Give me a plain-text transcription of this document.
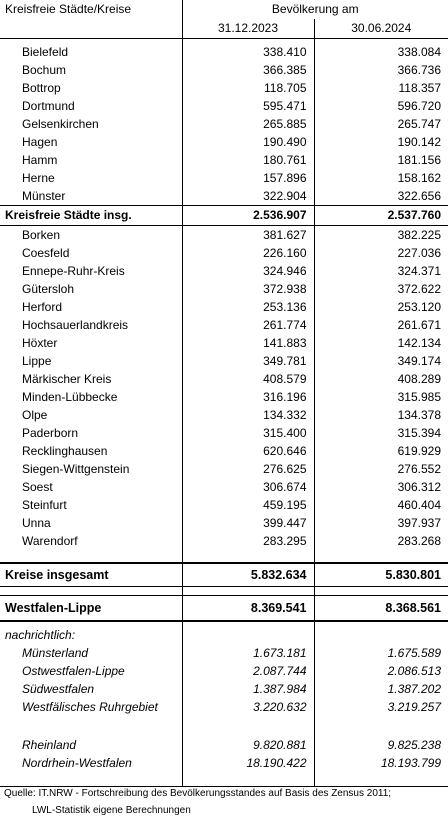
Kreisfreie Städte/Kreise	Bevölkerung am	
	31.12.2023	30.06.2024

Bielefeld	338.410	338.084
Bochum	366.385	366.736
Bottrop	118.705	118.357
Dortmund	595.471	596.720
Gelsenkirchen	265.885	265.747
Hagen	190.490	190.142
Hamm	180.761	181.156
Herne	157.896	158.162
Münster	322.904	322.656
Kreisfreie Städte insg.	2.536.907	2.537.760
Borken	381.627	382.225
Coesfeld	226.160	227.036
Ennepe-Ruhr-Kreis	324.946	324.371
Gütersloh	372.938	372.622
Herford	253.136	253.120
Hochsauerlandkreis	261.774	261.671
Höxter	141.883	142.134
Lippe	349.781	349.174
Märkischer Kreis	408.579	408.289
Minden-Lübbecke	316.196	315.985
Olpe	134.332	134.378
Paderborn	315.400	315.394
Recklinghausen	620.646	619.929
Siegen-Wittgenstein	276.625	276.552
Soest	306.674	306.312
Steinfurt	459.195	460.404
Unna	399.447	397.937
Warendorf	283.295	283.268

Kreise insgesamt	5.832.634	5.830.801

Westfalen-Lippe	8.369.541	8.368.561

nachrichtlich:		
Münsterland	1.673.181	1.675.589
Ostwestfalen-Lippe	2.087.744	2.086.513
Südwestfalen	1.387.984	1.387.202
Westfälisches Ruhrgebiet	3.220.632	3.219.257

Rheinland	9.820.881	9.825.238
Nordrhein-Westfalen	18.190.422	18.193.799

Quelle: IT.NRW - Fortschreibung des Bevölkerungsstandes auf Basis des Zensus 2011;
LWL-Statistik eigene Berechnungen
